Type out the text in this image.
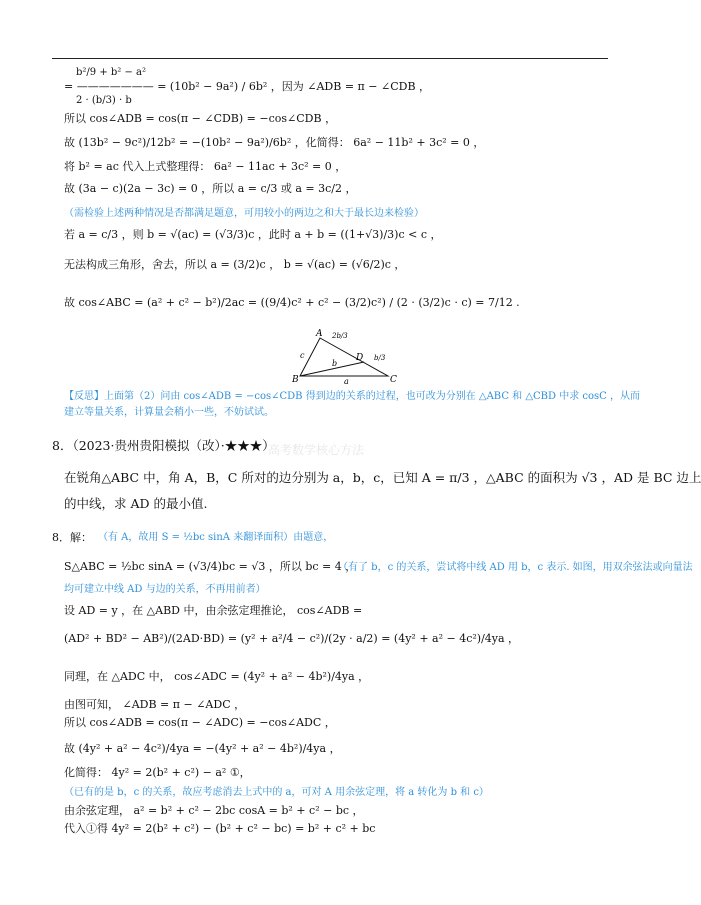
b²/9 + b² − a²
= ——————— = (10b² − 9a²) / 6b² ，因为 ∠ADB = π − ∠CDB ，
2 · (b/3) · b
所以 cos∠ADB = cos(π − ∠CDB) = −cos∠CDB ，
故 (13b² − 9c²)/12b² = −(10b² − 9a²)/6b² ，化简得： 6a² − 11b² + 3c² = 0 ，
将 b² = ac 代入上式整理得： 6a² − 11ac + 3c² = 0 ，
故 (3a − c)(2a − 3c) = 0 ，所以 a = c/3 或 a = 3c/2 ，
（需检验上述两种情况是否都满足题意，可用较小的两边之和大于最长边来检验）
若 a = c/3 ，则 b = √(ac) = (√3/3)c ，此时 a + b = ((1+√3)/3)c < c ，
无法构成三角形，舍去，所以 a = (3/2)c ， b = √(ac) = (√6/2)c ，
故 cos∠ABC = (a² + c² − b²)/2ac = ((9/4)c² + c² − (3/2)c²) / (2 · (3/2)c · c) = 7/12 .
A
B	C
D
c
b
a
2b/3
b/3
【反思】上面第（2）问由 cos∠ADB = −cos∠CDB 得到边的关系的过程，也可改为分别在 △ABC 和 △CBD 中求 cosC ，从而
建立等量关系，计算量会稍小一些，不妨试试。
8．（2023·贵州贵阳模拟（改）·★★★）
高考数学核心方法
在锐角△ABC 中，角 A，B，C 所对的边分别为 a，b，c，已知 A = π/3 ，△ABC 的面积为 √3 ，AD 是 BC 边上
的中线，求 AD 的最小值.
8．解： （有 A，故用 S = ½bc sinA 来翻译面积）由题意，
S△ABC = ½bc sinA = (√3/4)bc = √3 ，所以 bc = 4 ，
（有了 b，c 的关系，尝试将中线 AD 用 b，c 表示. 如图，用双余弦法或向量法
均可建立中线 AD 与边的关系，不再用前者）
设 AD = y ，在 △ABD 中，由余弦定理推论， cos∠ADB =
(AD² + BD² − AB²)/(2AD·BD) = (y² + a²/4 − c²)/(2y · a/2) = (4y² + a² − 4c²)/4ya ，
同理，在 △ADC 中， cos∠ADC = (4y² + a² − 4b²)/4ya ，
由图可知， ∠ADB = π − ∠ADC ，
所以 cos∠ADB = cos(π − ∠ADC) = −cos∠ADC ，
故 (4y² + a² − 4c²)/4ya = −(4y² + a² − 4b²)/4ya ，
化简得： 4y² = 2(b² + c²) − a² ①，
（已有的是 b，c 的关系，故应考虑消去上式中的 a，可对 A 用余弦定理，将 a 转化为 b 和 c）
由余弦定理， a² = b² + c² − 2bc cosA = b² + c² − bc ，
代入①得 4y² = 2(b² + c²) − (b² + c² − bc) = b² + c² + bc
